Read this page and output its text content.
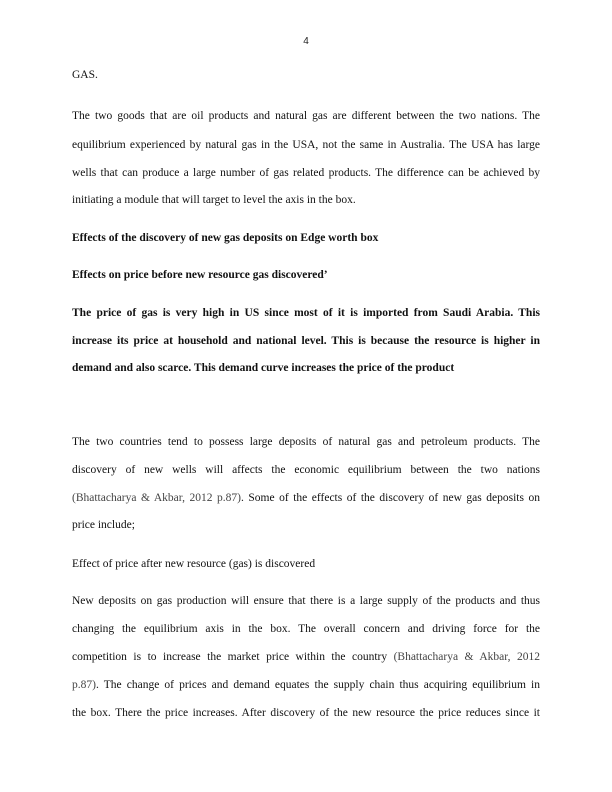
4
GAS.
The two goods that are oil products and natural gas are different between the two nations. The
equilibrium experienced by natural gas in the USA, not the same in Australia. The USA has large
wells that can produce a large number of gas related products. The difference can be achieved by
initiating a module that will target to level the axis in the box.
Effects of the discovery of new gas deposits on Edge worth box
Effects on price before new resource gas discovered’
The price of gas is very high in US since most of it is imported from Saudi Arabia. This
increase its price at household and national level. This is because the resource is higher in
demand and also scarce. This demand curve increases the price of the product
The two countries tend to possess large deposits of natural gas and petroleum products. The
discovery of new wells will affects the economic equilibrium between the two nations
(Bhattacharya & Akbar, 2012 p.87). Some of the effects of the discovery of new gas deposits on
price include;
Effect of price after new resource (gas) is discovered
New deposits on gas production will ensure that there is a large supply of the products and thus
changing the equilibrium axis in the box. The overall concern and driving force for the
competition is to increase the market price within the country (Bhattacharya & Akbar, 2012
p.87). The change of prices and demand equates the supply chain thus acquiring equilibrium in
the box. There the price increases. After discovery of the new resource the price reduces since it
